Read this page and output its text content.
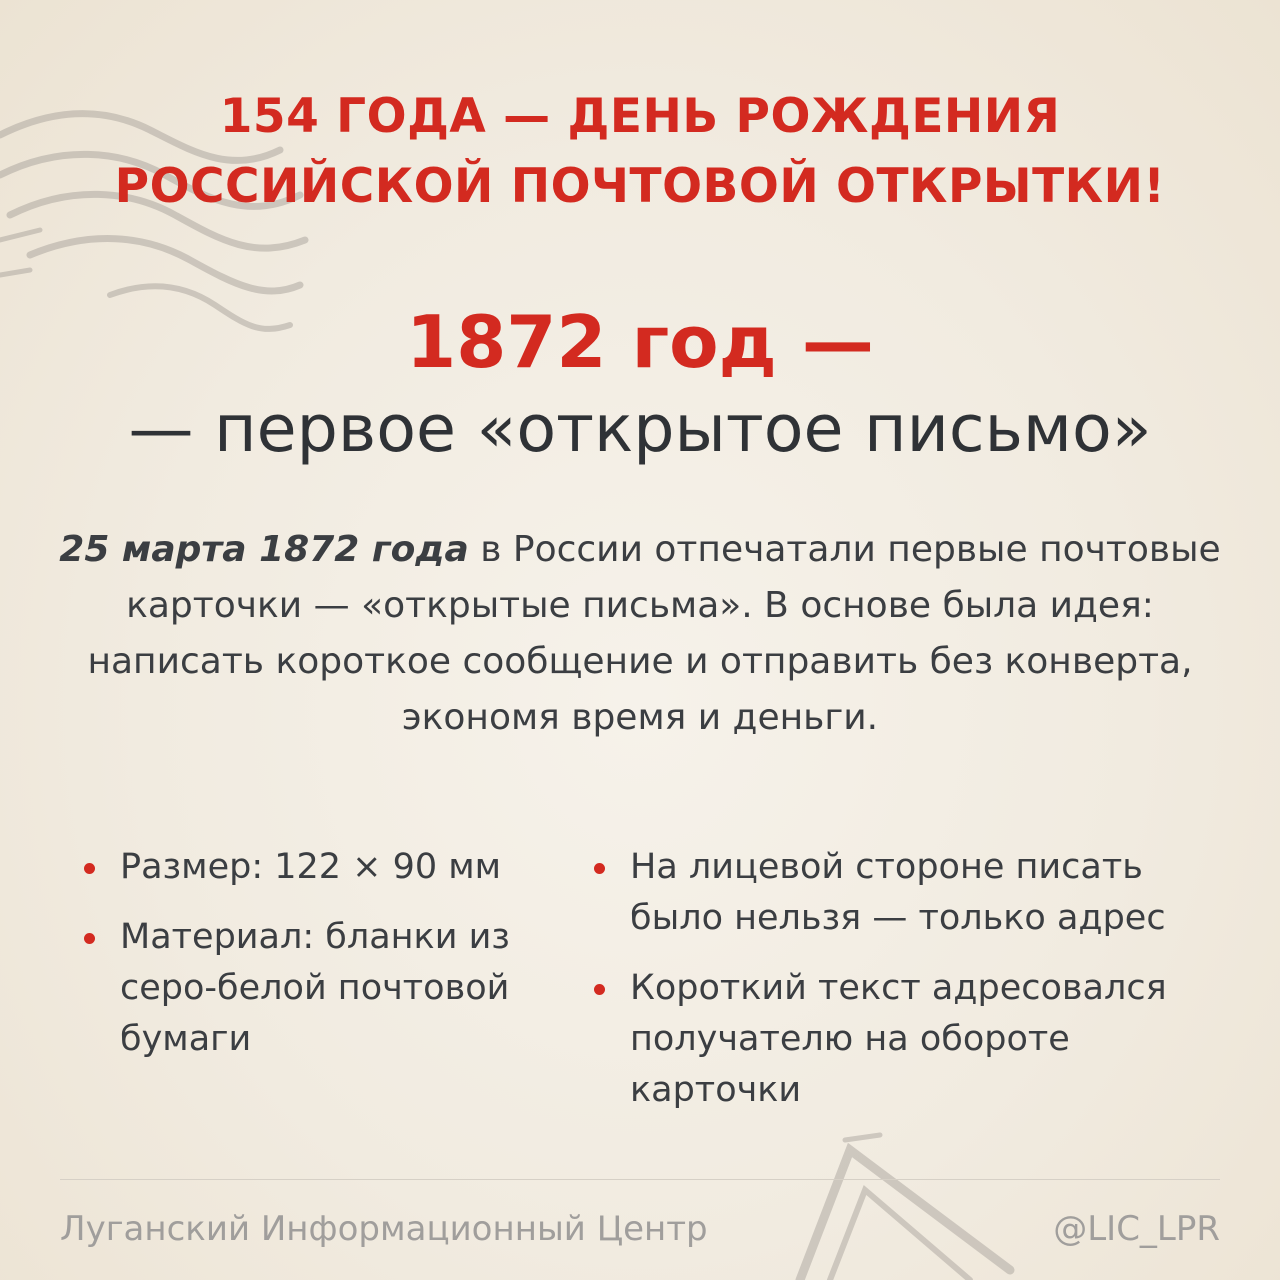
154 ГОДА — ДЕНЬ РОЖДЕНИЯ
РОССИЙСКОЙ ПОЧТОВОЙ ОТКРЫТКИ!
1872 год —
— первое «открытое письмо»
25 марта 1872 года в России отпечатали первые почтовые карточки — «открытые письма». В основе была идея: написать короткое сообщение и отправить без конверта, экономя время и деньги.
Размер: 122 × 90 мм
Материал: бланки из серо-белой почтовой бумаги
На лицевой стороне писать было нельзя — только адрес
Короткий текст адресовался получателю на обороте карточки
Луганский Информационный Центр	@LIC_LPR
